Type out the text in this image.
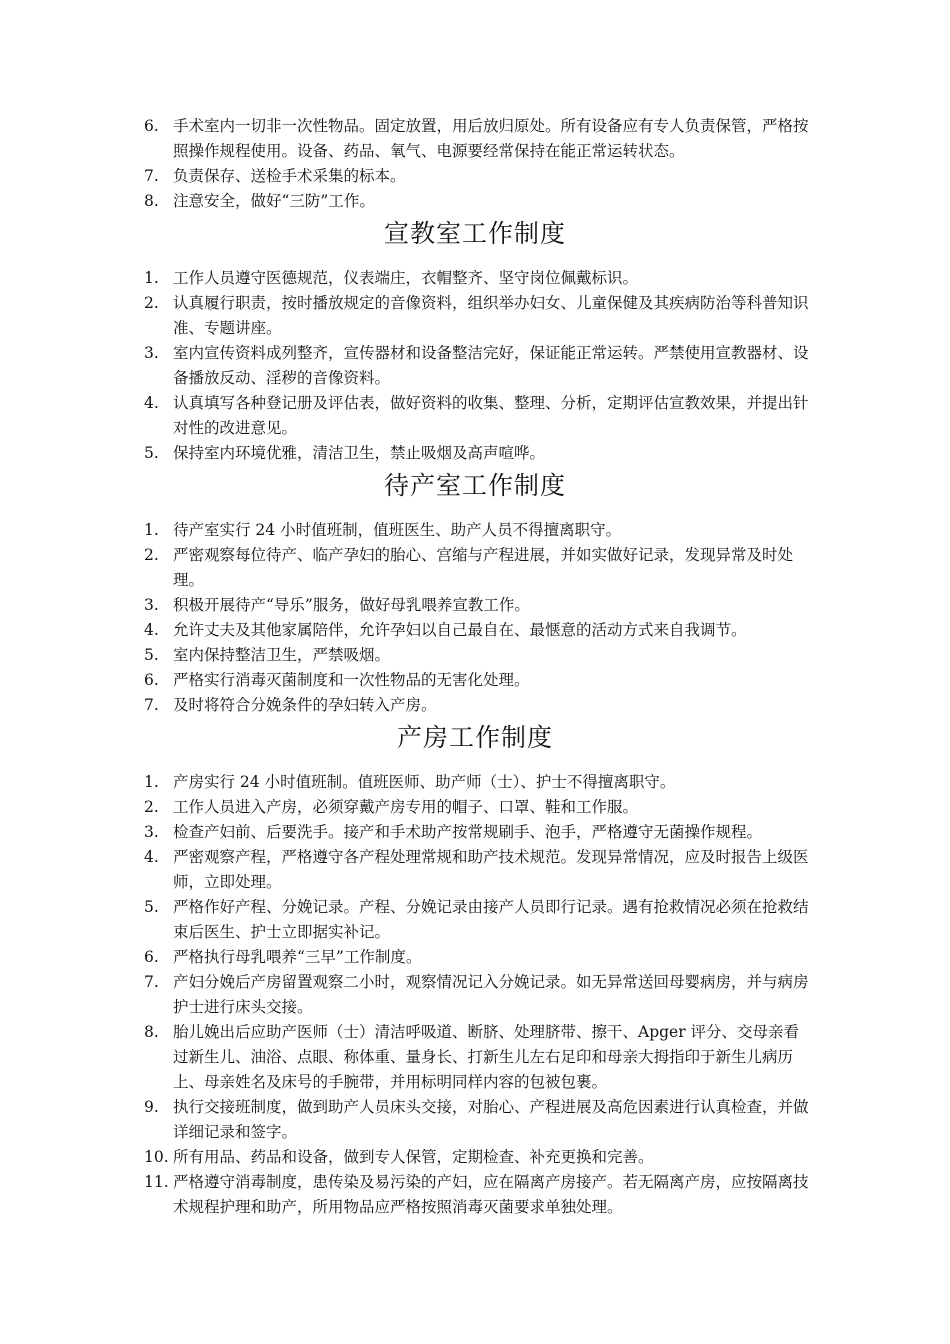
6. 手术室内一切非一次性物品。固定放置，用后放归原处。所有设备应有专人负责保管，严格按照操作规程使用。设备、药品、氧气、电源要经常保持在能正常运转状态。
7. 负责保存、送检手术采集的标本。
8. 注意安全，做好“三防”工作。
宣教室工作制度
1. 工作人员遵守医德规范，仪表端庄，衣帽整齐、坚守岗位佩戴标识。
2. 认真履行职责，按时播放规定的音像资料，组织举办妇女、儿童保健及其疾病防治等科普知识准、专题讲座。
3. 室内宣传资料成列整齐，宣传器材和设备整洁完好，保证能正常运转。严禁使用宣教器材、设备播放反动、淫秽的音像资料。
4. 认真填写各种登记册及评估表，做好资料的收集、整理、分析，定期评估宣教效果，并提出针对性的改进意见。
5. 保持室内环境优雅，清洁卫生，禁止吸烟及高声喧哗。
待产室工作制度
1. 待产室实行 24 小时值班制，值班医生、助产人员不得擅离职守。
2. 严密观察每位待产、临产孕妇的胎心、宫缩与产程进展，并如实做好记录，发现异常及时处理。
3. 积极开展待产“导乐”服务，做好母乳喂养宣教工作。
4. 允许丈夫及其他家属陪伴，允许孕妇以自己最自在、最惬意的活动方式来自我调节。
5. 室内保持整洁卫生，严禁吸烟。
6. 严格实行消毒灭菌制度和一次性物品的无害化处理。
7. 及时将符合分娩条件的孕妇转入产房。
产房工作制度
1. 产房实行 24 小时值班制。值班医师、助产师（士）、护士不得擅离职守。
2. 工作人员进入产房，必须穿戴产房专用的帽子、口罩、鞋和工作服。
3. 检查产妇前、后要洗手。接产和手术助产按常规刷手、泡手，严格遵守无菌操作规程。
4. 严密观察产程，严格遵守各产程处理常规和助产技术规范。发现异常情况，应及时报告上级医师，立即处理。
5. 严格作好产程、分娩记录。产程、分娩记录由接产人员即行记录。遇有抢救情况必须在抢救结束后医生、护士立即据实补记。
6. 严格执行母乳喂养“三早”工作制度。
7. 产妇分娩后产房留置观察二小时，观察情况记入分娩记录。如无异常送回母婴病房，并与病房护士进行床头交接。
8. 胎儿娩出后应助产医师（士）清洁呼吸道、断脐、处理脐带、擦干、Apger 评分、交母亲看过新生儿、油浴、点眼、称体重、量身长、打新生儿左右足印和母亲大拇指印于新生儿病历上、母亲姓名及床号的手腕带，并用标明同样内容的包被包裹。
9. 执行交接班制度，做到助产人员床头交接，对胎心、产程进展及高危因素进行认真检查，并做详细记录和签字。
10. 所有用品、药品和设备，做到专人保管，定期检查、补充更换和完善。
11. 严格遵守消毒制度，患传染及易污染的产妇，应在隔离产房接产。若无隔离产房，应按隔离技术规程护理和助产，所用物品应严格按照消毒灭菌要求单独处理。
